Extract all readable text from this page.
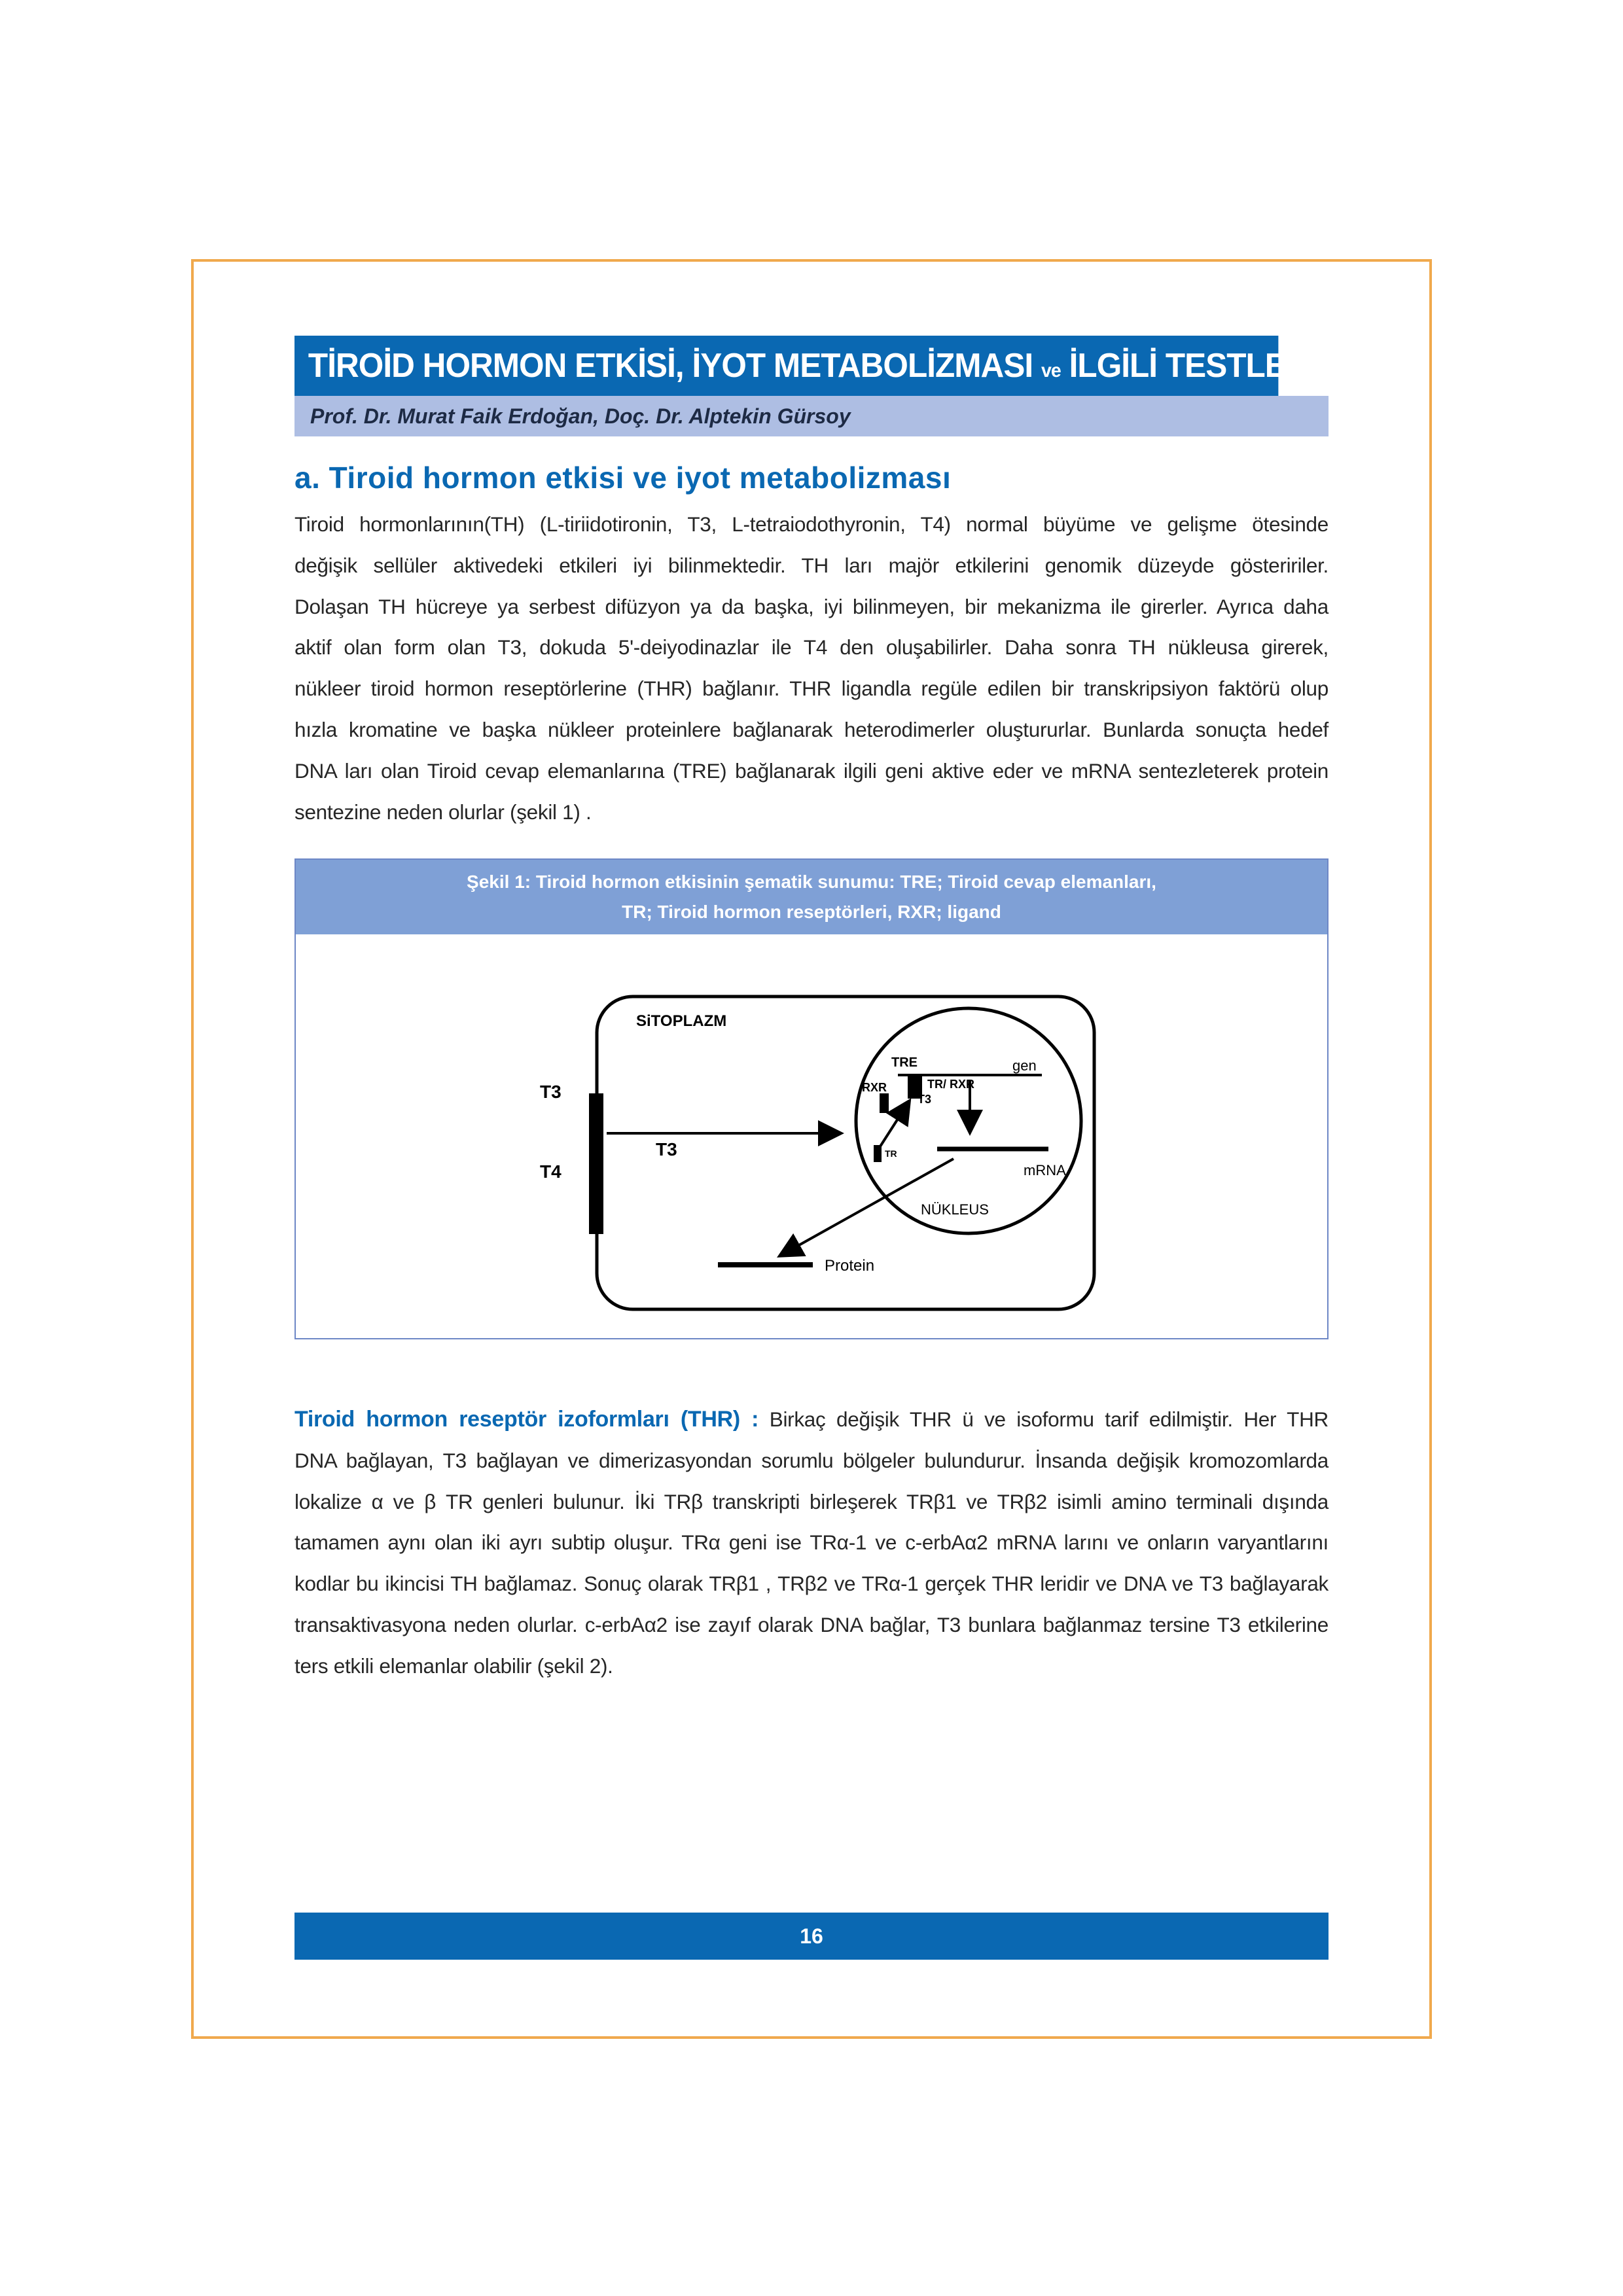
TİROİD HORMON ETKİSİ, İYOT METABOLİZMASI ve İLGİLİ TESTLER
Prof. Dr. Murat Faik Erdoğan, Doç. Dr. Alptekin Gürsoy
a. Tiroid hormon etkisi ve iyot metabolizması
Tiroid hormonlarının(TH) (L-tiriidotironin, T3, L-tetraiodothyronin, T4) normal büyüme ve gelişme ötesinde
değişik sellüler aktivedeki etkileri iyi bilinmektedir. TH ları majör etkilerini genomik düzeyde gösteririler.
Dolaşan TH hücreye ya serbest difüzyon ya da başka, iyi bilinmeyen, bir mekanizma ile girerler. Ayrıca daha
aktif olan form olan T3, dokuda 5'-deiyodinazlar ile T4 den oluşabilirler. Daha sonra TH nükleusa girerek,
nükleer tiroid hormon reseptörlerine (THR) bağlanır. THR ligandla regüle edilen bir transkripsiyon faktörü olup
hızla kromatine ve başka nükleer proteinlere bağlanarak heterodimerler oluştururlar. Bunlarda sonuçta hedef
DNA ları olan Tiroid cevap elemanlarına (TRE) bağlanarak ilgili geni aktive eder ve mRNA sentezleterek protein
sentezine neden olurlar (şekil 1) .
Şekil 1: Tiroid hormon etkisinin şematik sunumu: TRE; Tiroid cevap elemanları,
TR; Tiroid hormon reseptörleri, RXR; ligand
SiTOPLAZM
T3
T4
T3
TRE	gen
RXR	TR/ RXR
T3
TR
mRNA
NÜKLEUS
Protein
Tiroid hormon reseptör izoformları (THR) : Birkaç değişik THR ü ve isoformu tarif edilmiştir. Her THR
DNA bağlayan, T3 bağlayan ve dimerizasyondan sorumlu bölgeler bulundurur. İnsanda değişik kromozomlarda
lokalize α ve β TR genleri bulunur. İki TRβ transkripti birleşerek TRβ1 ve TRβ2 isimli amino terminali dışında
tamamen aynı olan iki ayrı subtip oluşur. TRα geni ise TRα-1 ve c-erbAα2 mRNA larını ve onların varyantlarını
kodlar bu ikincisi TH bağlamaz. Sonuç olarak TRβ1 , TRβ2 ve TRα-1 gerçek THR leridir ve DNA ve T3 bağlayarak
transaktivasyona neden olurlar. c-erbAα2 ise zayıf olarak DNA bağlar, T3 bunlara bağlanmaz tersine T3 etkilerine
ters etkili elemanlar olabilir (şekil 2).
16
